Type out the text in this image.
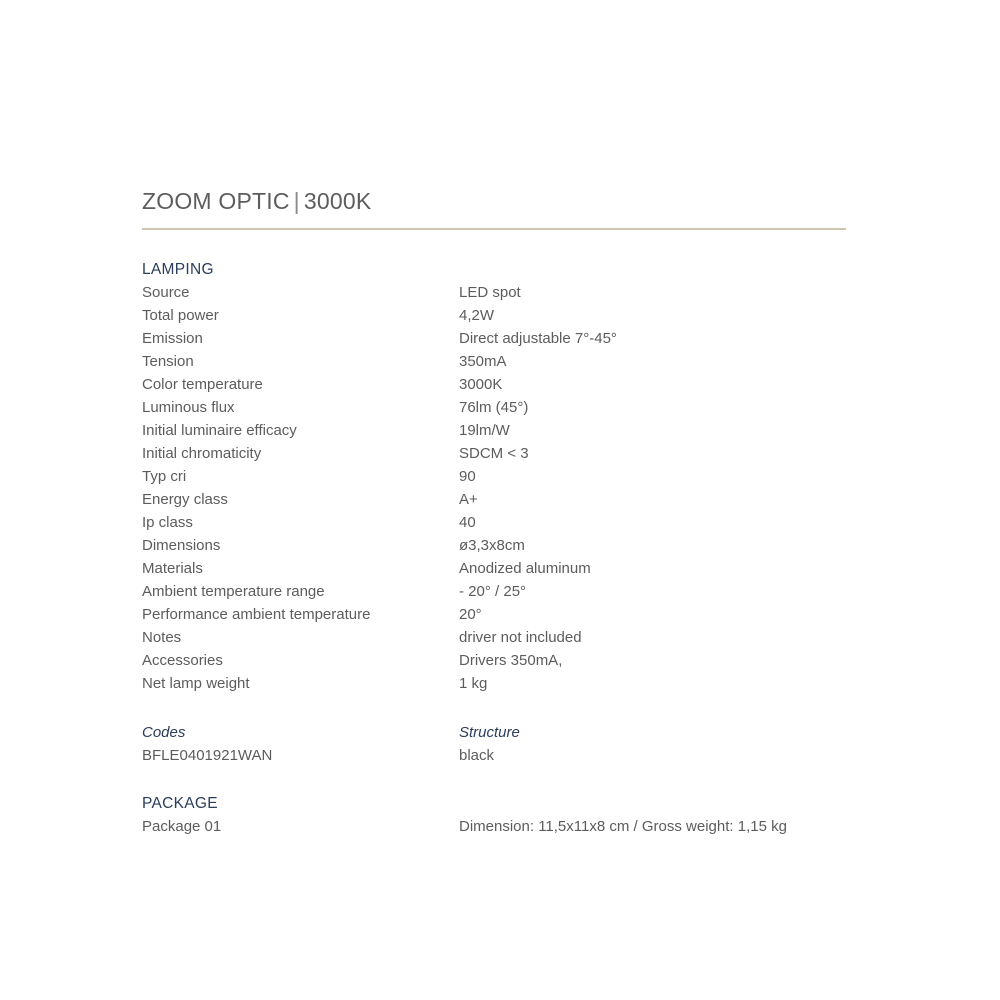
ZOOM OPTIC | 3000K
LAMPING
Source	LED spot
Total power	4,2W
Emission	Direct adjustable 7°-45°
Tension	350mA
Color temperature	3000K
Luminous flux	76lm (45°)
Initial luminaire efficacy	19lm/W
Initial chromaticity	SDCM < 3
Typ cri	90
Energy class	A+
Ip class	40
Dimensions	ø3,3x8cm
Materials	Anodized aluminum
Ambient temperature range	- 20° / 25°
Performance ambient temperature	20°
Notes	driver not included
Accessories	Drivers 350mA,
Net lamp weight	1 kg
Codes	Structure
BFLE0401921WAN	black
PACKAGE
Package 01	Dimension: 11,5x11x8 cm / Gross weight: 1,15 kg
